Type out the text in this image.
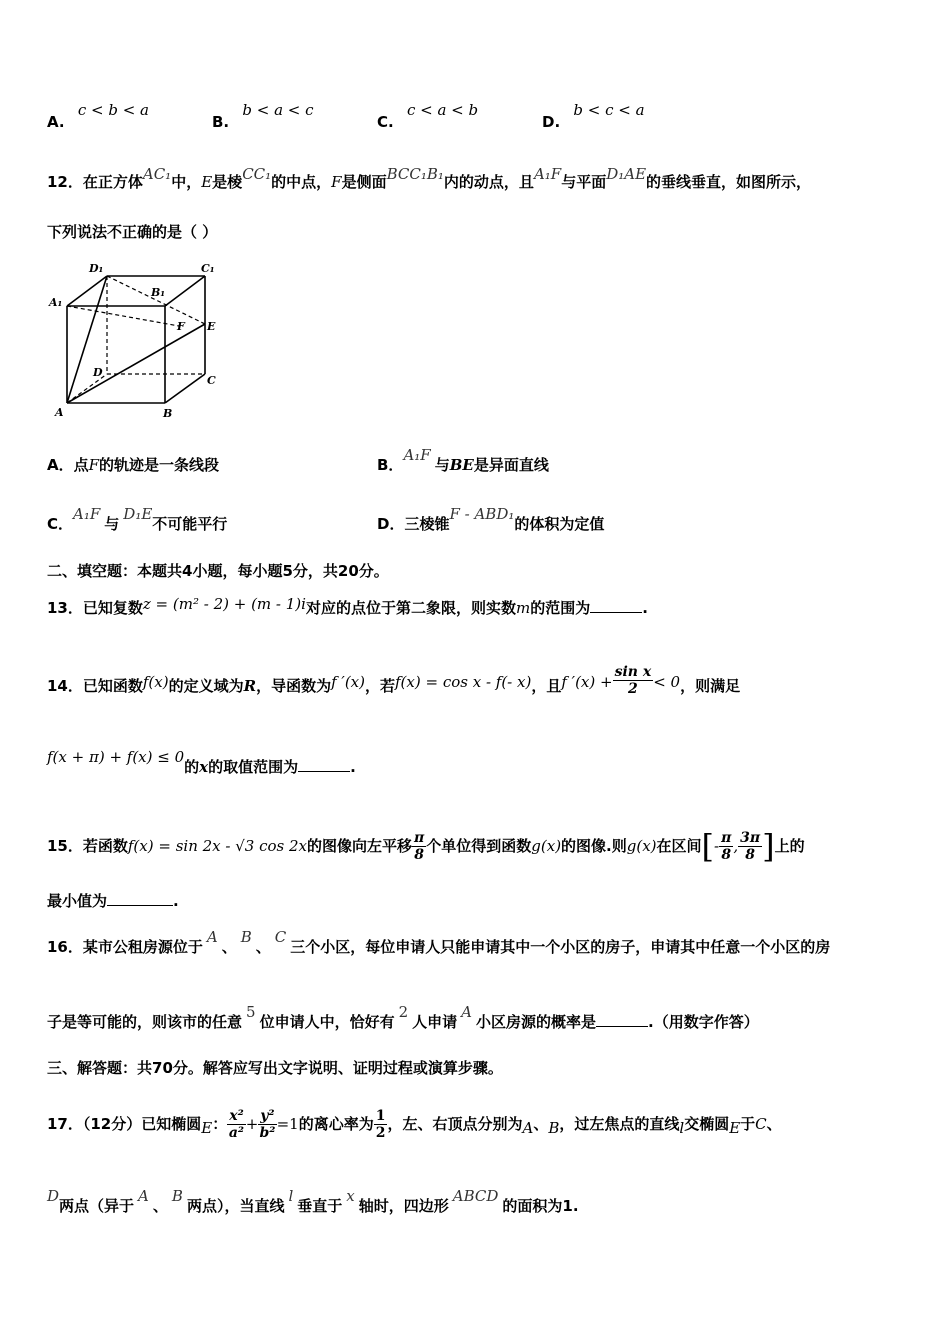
A. c < b < a
B. b < a < c
C. c < a < b
D. b < c < a
12．在正方体AC₁中，E是棱CC₁的中点，F是侧面BCC₁B₁内的动点，且A₁F与平面D₁AE的垂线垂直，如图所示，
下列说法不正确的是（ ）
D₁	C₁
A₁
B₁
F E
D
C
A	B
A．点F的轨迹是一条线段	B．A₁F与BE是异面直线
C．A₁F与D₁E不可能平行	D．三棱锥F - ABD₁的体积为定值
二、填空题：本题共4小题，每小题5分，共20分。
13．已知复数z = (m² - 2) + (m - 1)i对应的点位于第二象限，则实数m的范围为	.
14．已知函数f(x)的定义域为R，导函数为f ′(x)，若f(x) = cos x - f(- x)，且f $'(x) + \frac{\text{sin x}}{2} < 0$，则满足
f(x + π) + f(x) ≤ 0的x的取值范围为	.
15．若函数f(x) = sin 2x - √3 cos 2x的图像向左平移 $\frac{\pi}{8}$ 个单位得到函数g(x)的图像.则g(x)在区间[- $\frac{\pi}{8}$ , $\frac{3\pi}{8}$ ]上的
最小值为	.
16．某市公租房源位于A、B、C三个小区，每位申请人只能申请其中一个小区的房子，申请其中任意一个小区的房
子是等可能的，则该市的任意5位申请人中，恰好有2人申请A小区房源的概率是	.（用数字作答）
三、解答题：共70分。解答应写出文字说明、证明过程或演算步骤。
17．（12分）已知椭圆E： $\frac{\text{x²}}{\text{a²}} + \frac{\text{y²}}{\text{b²}} =1$的离心率为 $\frac{1}{2}$ ，左、右顶点分别为A、B，过左焦点的直线l交椭圆E于C、
D两点（异于A、B两点），当直线l垂直于x轴时，四边形ABCD的面积为1.
